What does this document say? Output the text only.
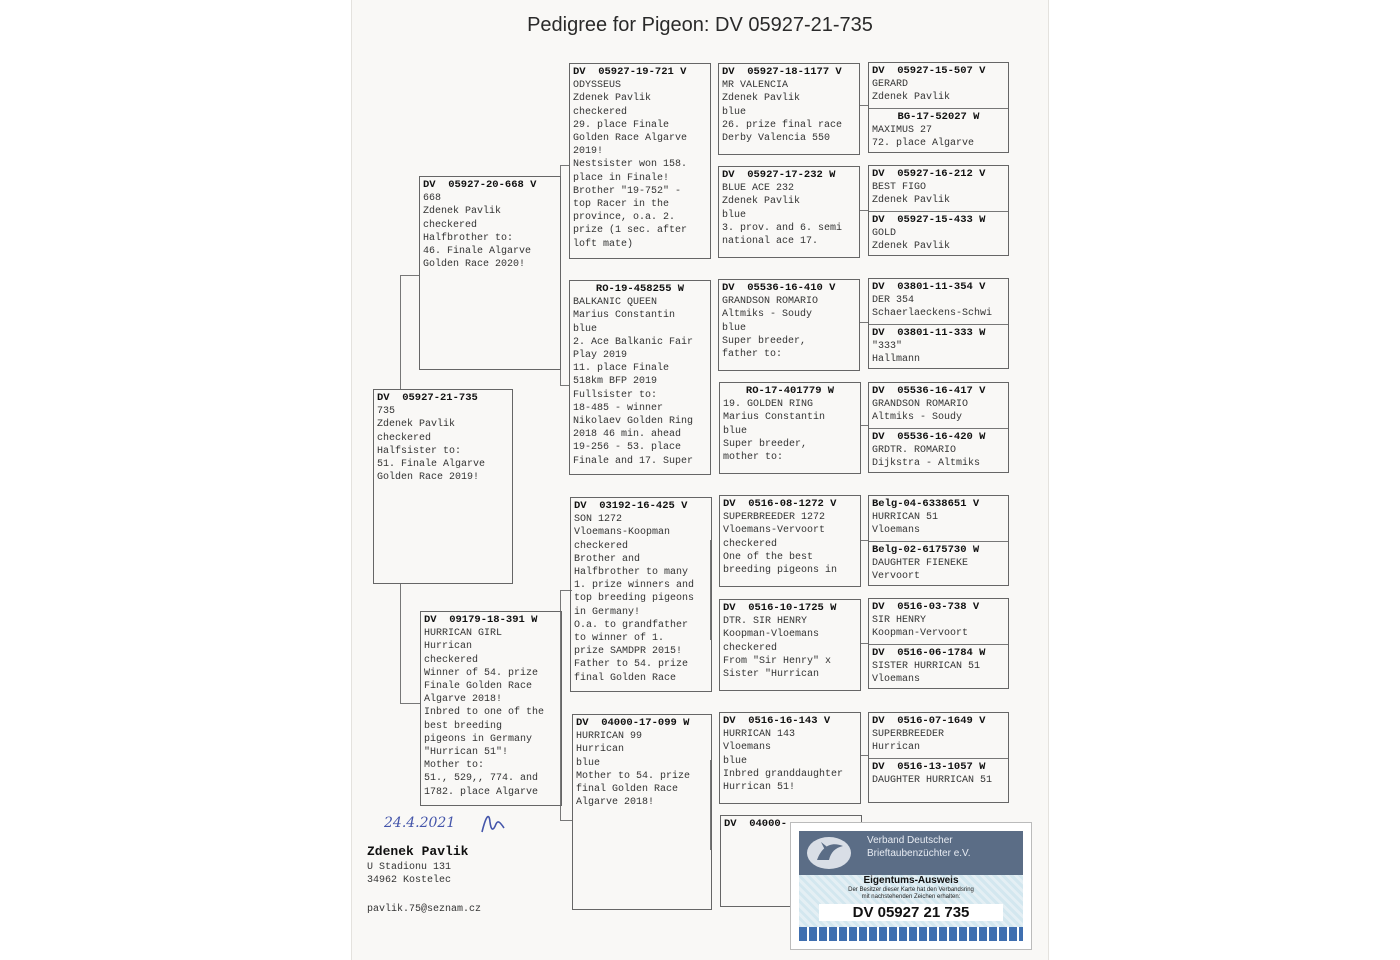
Pedigree for Pigeon: DV 05927-21-735
DV  05927-21-735
735
Zdenek Pavlik
checkered
Halfsister to:
51. Finale Algarve
Golden Race 2019!
DV  05927-20-668 V
668
Zdenek Pavlik
checkered
Halfbrother to:
46. Finale Algarve
Golden Race 2020!
DV  09179-18-391 W
HURRICAN GIRL
Hurrican
checkered
Winner of 54. prize
Finale Golden Race
Algarve 2018!
Inbred to one of the
best breeding
pigeons in Germany
"Hurrican 51"!
Mother to:
51., 529,, 774. and
1782. place Algarve
DV  05927-19-721 V
ODYSSEUS
Zdenek Pavlik
checkered
29. place Finale
Golden Race Algarve
2019!
Nestsister won 158.
place in Finale!
Brother "19-752" -
top Racer in the
province, o.a. 2.
prize (1 sec. after
loft mate)
RO-19-458255 W
BALKANIC QUEEN
Marius Constantin
blue
2. Ace Balkanic Fair
Play 2019
11. place Finale
518km BFP 2019
Fullsister to:
18-485 - winner
Nikolaev Golden Ring
2018 46 min. ahead
19-256 - 53. place
Finale and 17. Super
DV  03192-16-425 V
SON 1272
Vloemans-Koopman
checkered
Brother and
Halfbrother to many
1. prize winners and
top breeding pigeons
in Germany!
O.a. to grandfather
to winner of 1.
prize SAMDPR 2015!
Father to 54. prize
final Golden Race
DV  04000-17-099 W
HURRICAN 99
Hurrican
blue
Mother to 54. prize
final Golden Race
Algarve 2018!
DV  05927-18-1177 V
MR VALENCIA
Zdenek Pavlik
blue
26. prize final race
Derby Valencia 550
DV  05927-17-232 W
BLUE ACE 232
Zdenek Pavlik
blue
3. prov. and 6. semi
national ace 17.
DV  05536-16-410 V
GRANDSON ROMARIO
Altmiks - Soudy
blue
Super breeder,
father to:
RO-17-401779 W
19. GOLDEN RING
Marius Constantin
blue
Super breeder,
mother to:
DV  0516-08-1272 V
SUPERBREEDER 1272
Vloemans-Vervoort
checkered
One of the best
breeding pigeons in
DV  0516-10-1725 W
DTR. SIR HENRY
Koopman-Vloemans
checkered
From "Sir Henry" x
Sister "Hurrican
DV  0516-16-143 V
HURRICAN 143
Vloemans
blue
Inbred granddaughter
Hurrican 51!
DV  04000-
DV  05927-15-507 V
GERARD
Zdenek Pavlik
BG-17-52027 W
MAXIMUS 27
72. place Algarve
DV  05927-16-212 V
BEST FIGO
Zdenek Pavlik
DV  05927-15-433 W
GOLD
Zdenek Pavlik
DV  03801-11-354 V
DER 354
Schaerlaeckens-Schwi
DV  03801-11-333 W
"333"
Hallmann
DV  05536-16-417 V
GRANDSON ROMARIO
Altmiks - Soudy
DV  05536-16-420 W
GRDTR. ROMARIO
Dijkstra - Altmiks
Belg-04-6338651 V
HURRICAN 51
Vloemans
Belg-02-6175730 W
DAUGHTER FIENEKE
Vervoort
DV  0516-03-738 V
SIR HENRY
Koopman-Vervoort
DV  0516-06-1784 W
SISTER HURRICAN 51
Vloemans
DV  0516-07-1649 V
SUPERBREEDER
Hurrican
DV  0516-13-1057 W
DAUGHTER HURRICAN 51
24.4.2021
Zdenek Pavlik
U Stadionu 131
34962 Kostelec
pavlik.75@seznam.cz
Verband Deutscher
Brieftaubenzüchter e.V.
Eigentums-Ausweis
Der Besitzer dieser Karte hat den Verbandsring
mit nachstehenden Zeichen erhalten:
DV 05927 21 735
